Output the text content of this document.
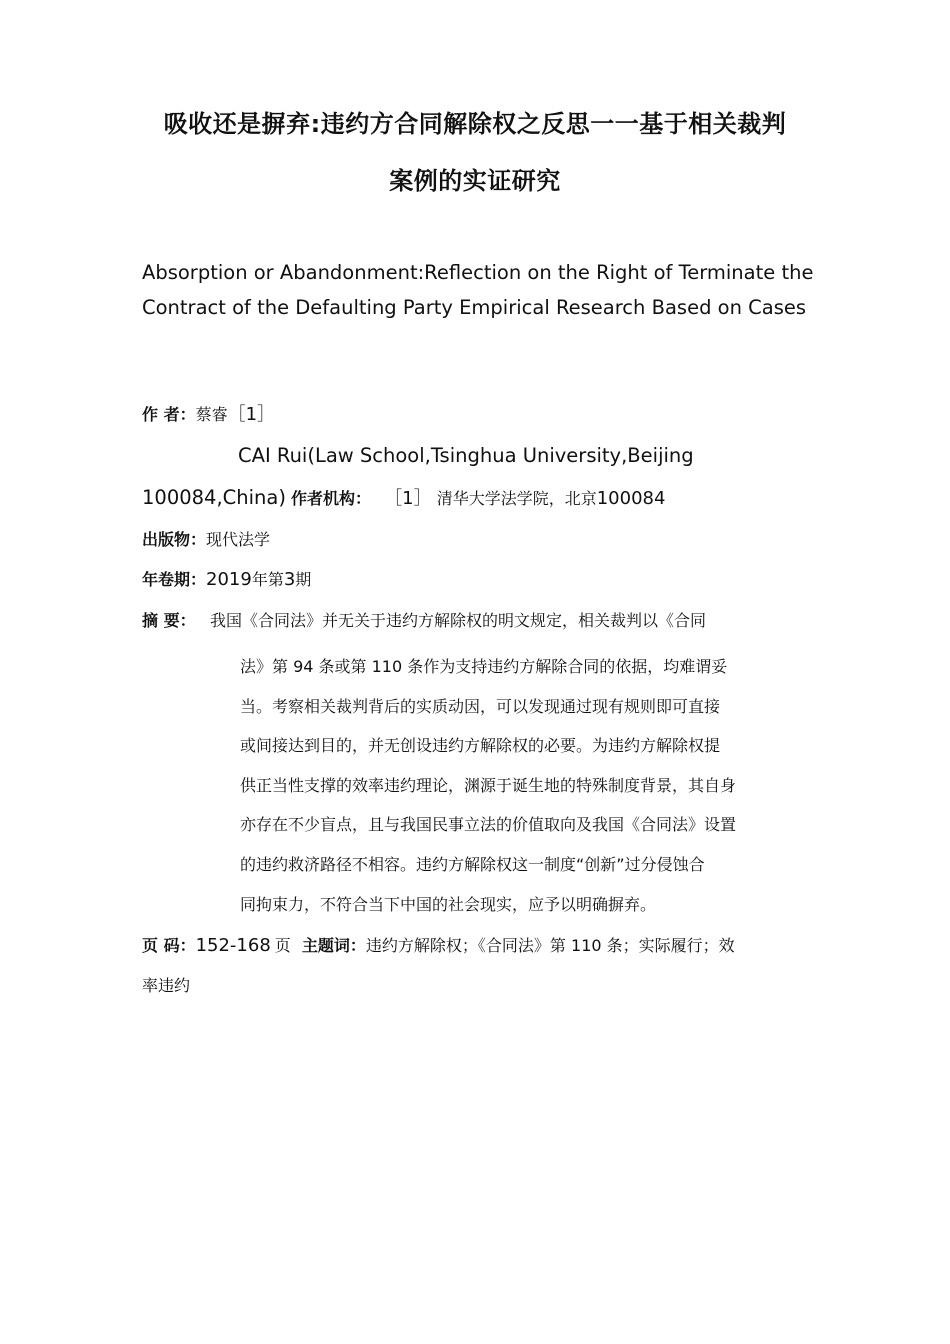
吸收还是摒弃:违约方合同解除权之反思一一基于相关裁判
案例的实证研究
Absorption or Abandonment:Reflection on the Right of Terminate the Contract of the Defaulting Party Empirical Research Based on Cases
作 者：蔡睿［1］
CAI Rui(Law School,Tsinghua University,Beijing
100084,China) 作者机构： ［1］ 清华大学法学院，北京100084
出版物：现代法学
年卷期：2019年第3期
摘 要： 我国《合同法》并无关于违约方解除权的明文规定，相关裁判以《合同
法》第 94 条或第 110 条作为支持违约方解除合同的依据，均难谓妥
当。考察相关裁判背后的实质动因，可以发现通过现有规则即可直接
或间接达到目的，并无创设违约方解除权的必要。为违约方解除权提
供正当性支撑的效率违约理论，渊源于诞生地的特殊制度背景，其自身
亦存在不少盲点，且与我国民事立法的价值取向及我国《合同法》设置
的违约救济路径不相容。违约方解除权这一制度“创新”过分侵蚀合
同拘束力，不符合当下中国的社会现实，应予以明确摒弃。
页 码：152-168 页 主题词：违约方解除权；《合同法》第 110 条；实际履行；效
率违约
